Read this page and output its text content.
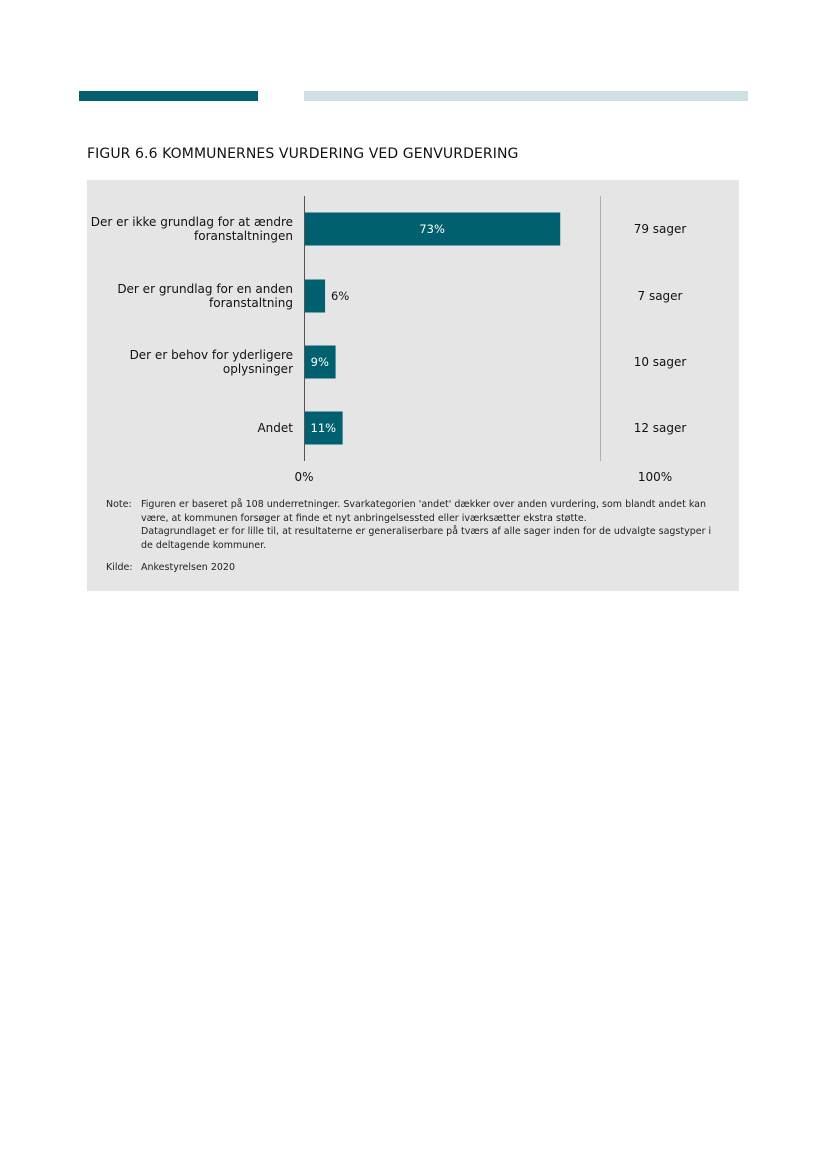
FIGUR 6.6 KOMMUNERNES VURDERING VED GENVURDERING
Der er ikke grundlag for at ændre foranstaltningen	73%	79 sager
Der er grundlag for en anden foranstaltning	6%	7 sager
Der er behov for yderligere oplysninger 9%	10 sager
Andet 11%	12 sager
0%	100%
Note: Figuren er baseret på 108 underretninger. Svarkategorien 'andet' dækker over anden vurdering, som blandt andet kan
være, at kommunen forsøger at finde et nyt anbringelsessted eller iværksætter ekstra støtte.
Datagrundlaget er for lille til, at resultaterne er generaliserbare på tværs af alle sager inden for de udvalgte sagstyper i
de deltagende kommuner.
Kilde: Ankestyrelsen 2020
